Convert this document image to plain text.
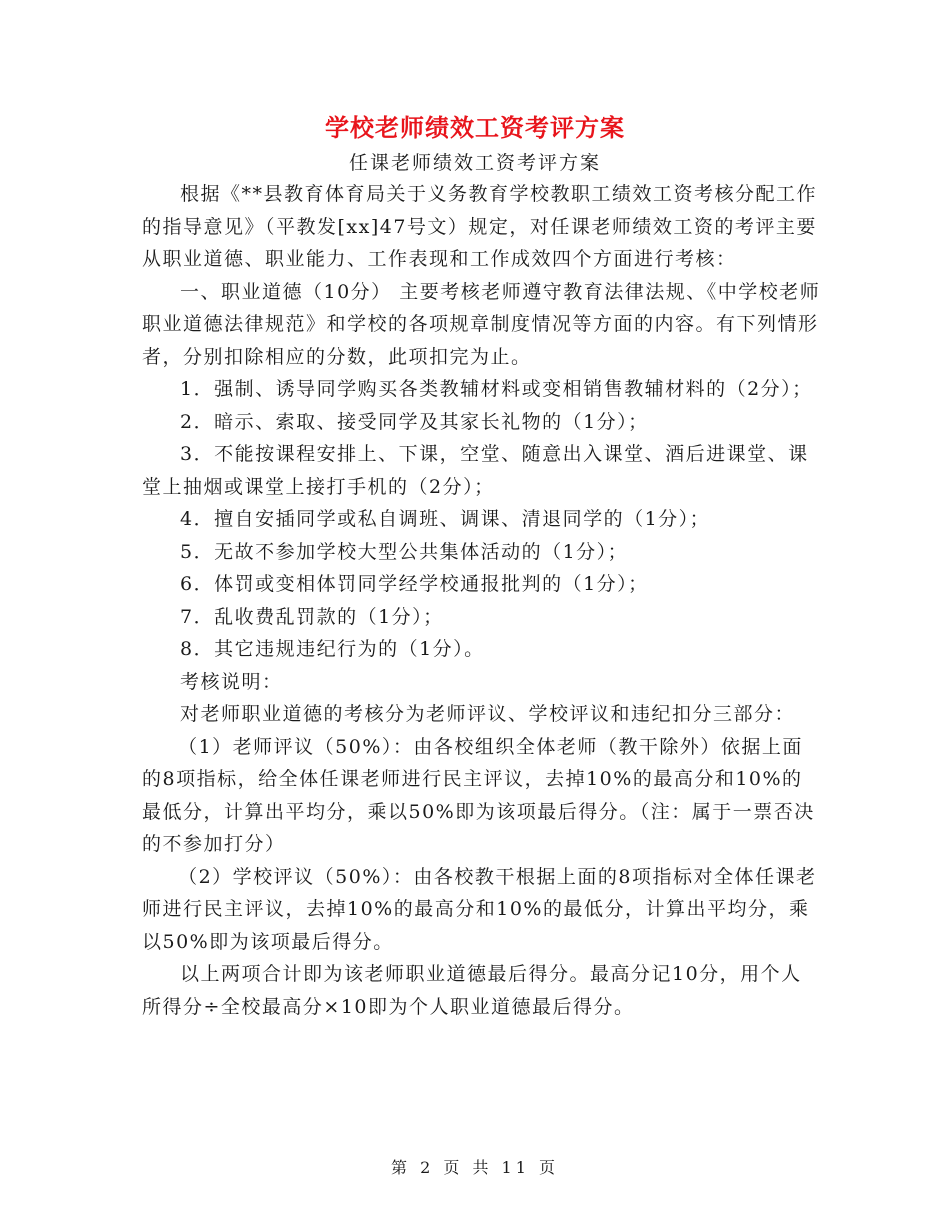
学校老师绩效工资考评方案
任课老师绩效工资考评方案

根据《**县教育体育局关于义务教育学校教职工绩效工资考核分配工作的指导意见》（平教发[xx]47号文）规定，对任课老师绩效工资的考评主要从职业道德、职业能力、工作表现和工作成效四个方面进行考核：

一、职业道德（10分） 主要考核老师遵守教育法律法规、《中学校老师职业道德法律规范》和学校的各项规章制度情况等方面的内容。有下列情形者，分别扣除相应的分数，此项扣完为止。

1．强制、诱导同学购买各类教辅材料或变相销售教辅材料的（2分）；

2．暗示、索取、接受同学及其家长礼物的（1分）；

3．不能按课程安排上、下课，空堂、随意出入课堂、酒后进课堂、课堂上抽烟或课堂上接打手机的（2分）；

4．擅自安插同学或私自调班、调课、清退同学的（1分）；

5．无故不参加学校大型公共集体活动的（1分）；

6．体罚或变相体罚同学经学校通报批判的（1分）；

7．乱收费乱罚款的（1分）；

8．其它违规违纪行为的（1分）。

考核说明：

对老师职业道德的考核分为老师评议、学校评议和违纪扣分三部分：

（1）老师评议（50%）：由各校组织全体老师（教干除外）依据上面的8项指标，给全体任课老师进行民主评议，去掉10%的最高分和10%的最低分，计算出平均分，乘以50%即为该项最后得分。（注：属于一票否决的不参加打分）

（2）学校评议（50%）：由各校教干根据上面的8项指标对全体任课老师进行民主评议，去掉10%的最高分和10%的最低分，计算出平均分，乘以50%即为该项最后得分。

以上两项合计即为该老师职业道德最后得分。最高分记10分，用个人所得分÷全校最高分×10即为个人职业道德最后得分。

第 2 页 共 11 页
